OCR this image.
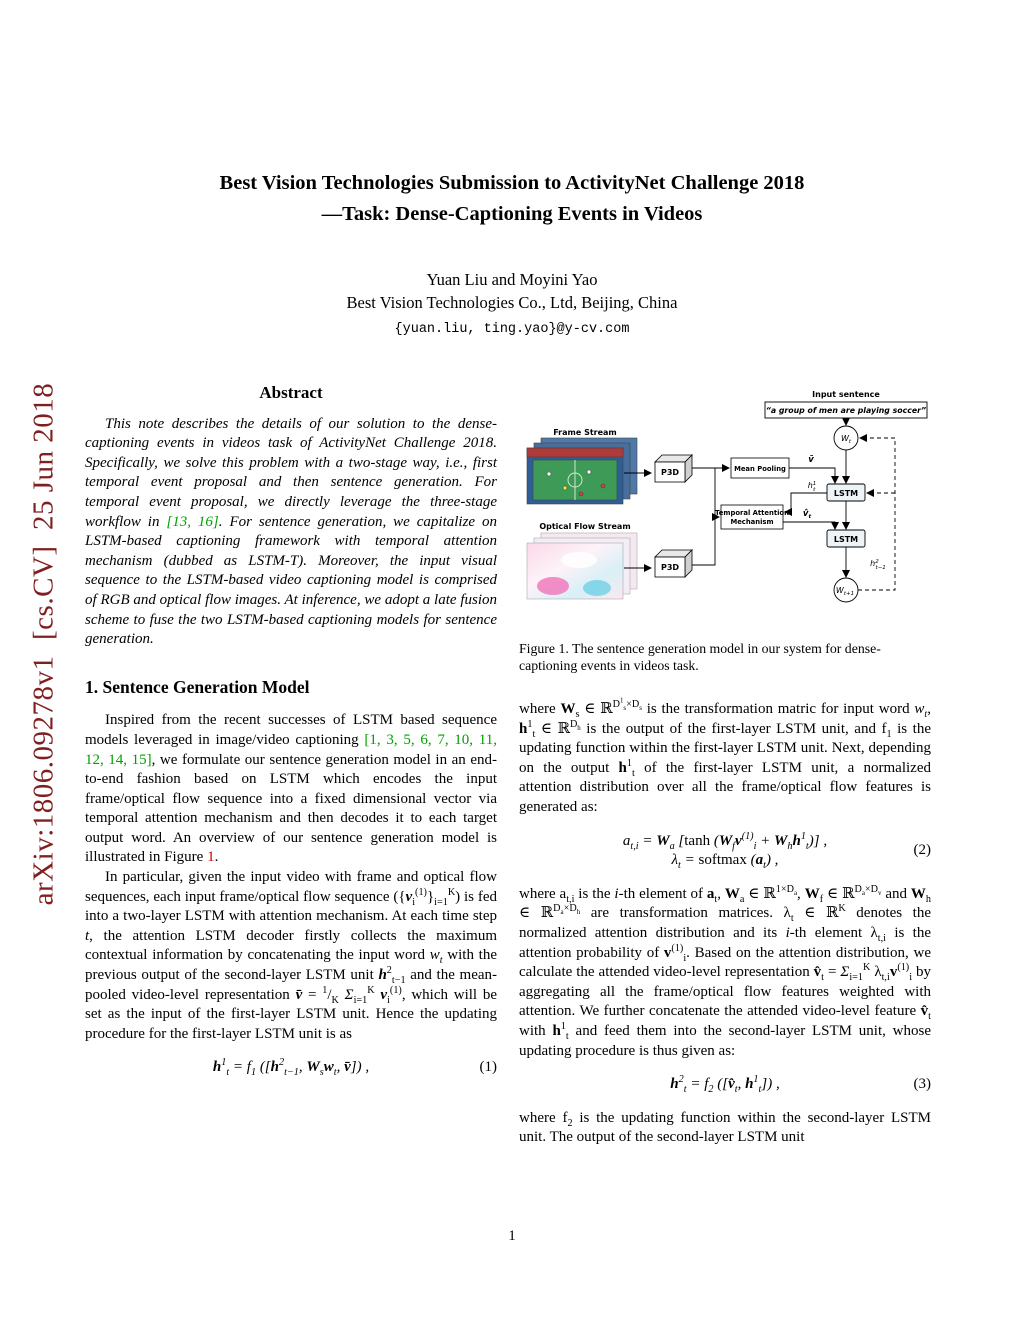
arXiv:1806.09278v1  [cs.CV]  25 Jun 2018
Best Vision Technologies Submission to ActivityNet Challenge 2018
—Task: Dense-Captioning Events in Videos
Yuan Liu and Moyini Yao
Best Vision Technologies Co., Ltd, Beijing, China
{yuan.liu, ting.yao}@y-cv.com
Abstract

This note describes the details of our solution to the dense-captioning events in videos task of ActivityNet Challenge 2018. Specifically, we solve this problem with a two-stage way, i.e., first temporal event proposal and then sentence generation. For temporal event proposal, we directly leverage the three-stage workflow in [13, 16]. For sentence generation, we capitalize on LSTM-based captioning framework with temporal attention mechanism (dubbed as LSTM-T). Moreover, the input visual sequence to the LSTM-based video captioning model is comprised of RGB and optical flow images. At inference, we adopt a late fusion scheme to fuse the two LSTM-based captioning models for sentence generation.

1. Sentence Generation Model

Inspired from the recent successes of LSTM based sequence models leveraged in image/video captioning [1, 3, 5, 6, 7, 10, 11, 12, 14, 15], we formulate our sentence generation model in an end-to-end fashion based on LSTM which encodes the input frame/optical flow sequence into a fixed dimensional vector via temporal attention mechanism and then decodes it to each target output word. An overview of our sentence generation model is illustrated in Figure 1.

In particular, given the input video with frame and optical flow sequences, each input frame/optical flow sequence $(\{v_i^{(1)}\}_{i=1}^K)$ is fed into a two-layer LSTM with attention mechanism. At each time step t, the attention LSTM decoder firstly collects the maximum contextual information by concatenating the input word $w_t$ with the previous output of the second-layer LSTM unit $h^2_{t-1}$ and the mean-pooled video-level representation v̄ = $^1/_K$ $\Sigma_{i=1}^K$ $v_i^{(1)}$, which will be set as the input of the first-layer LSTM unit. Hence the updating procedure for the first-layer LSTM unit is as

$h^1_t = f_1$ ([$h^2_{t-1}$, $W_sw_t$, v̄]) ,	(1)
Input sentence
“a group of men are playing soccer”
Frame Stream
Optical Flow Stream
P3D
P3D
Mean Pooling
Temporal Attention
Mechanism
LSTM
LSTM
$W_t$
$W_{t+1}$
v̄
$v̂_t$
$h^1$ t
$h^2$ t−1
Figure 1. The sentence generation model in our system for dense-captioning events in videos task.

where $W_s$ ∈ ℝ$^{D^1_s\times D_s}$ is the transformation matric for input word $w_t$, $h^1_t$ ∈ ℝ$^{D_h}$ is the output of the first-layer LSTM unit, and $f_1$ is the updating function within the first-layer LSTM unit. Next, depending on the output $h^1_t$ of the first-layer LSTM unit, a normalized attention distribution over all the frame/optical flow features is generated as:

$a_{t,i} = W_a$ [tanh $(W_fv^{(1)}_i + W_hh^1_t)$] ,
$\lambda_t$ = softmax $(a_t)$ ,
(2)

where $a_{t,i}$ is the i-th element of $a_t$, $W_a$ ∈ ℝ$^{1\times D_a}$, $W_f$ ∈ ℝ$^{D_a\times D_v}$ and $W_h$ ∈ ℝ$^{D_a\times D_h}$ are transformation matrices. $\lambda_t$ ∈ ℝ$^K$ denotes the normalized attention distribution and its i-th element $\lambda_{t,i}$ is the attention probability of $v^{(1)}_i$. Based on the attention distribution, we calculate the attended video-level representation $v̂_t = \Sigma_{i=1}^K$ $\lambda_{t,i}v^{(1)}_i$ by aggregating all the frame/optical flow features weighted with attention. We further concatenate the attended video-level feature $v̂_t$ with $h^1_t$ and feed them into the second-layer LSTM unit, whose updating procedure is thus given as:

$h^2_t = f_2$ ([$v̂_t$, $h^1_t$]) ,	(3)

where $f_2$ is the updating function within the second-layer LSTM unit. The output of the second-layer LSTM unit

1
